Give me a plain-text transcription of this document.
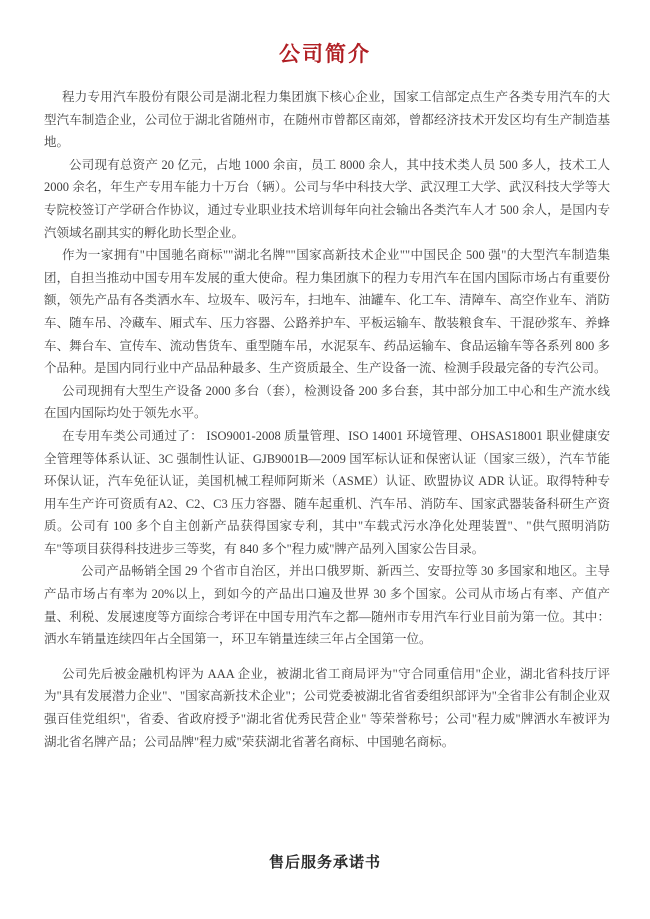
公司简介

程力专用汽车股份有限公司是湖北程力集团旗下核心企业，国家工信部定点生产各类专用汽车的大型汽车制造企业，公司位于湖北省随州市，在随州市曾都区南郊，曾都经济技术开发区均有生产制造基地。

公司现有总资产 20 亿元，占地 1000 余亩，员工 8000 余人，其中技术类人员 500 多人，技术工人 2000 余名，年生产专用车能力十万台（辆）。公司与华中科技大学、武汉理工大学、武汉科技大学等大专院校签订产学研合作协议，通过专业职业技术培训每年向社会输出各类汽车人才 500 余人，是国内专汽领域名副其实的孵化助长型企业。

作为一家拥有"中国驰名商标""湖北名牌""国家高新技术企业""中国民企 500 强"的大型汽车制造集团，自担当推动中国专用车发展的重大使命。程力集团旗下的程力专用汽车在国内国际市场占有重要份额，领先产品有各类洒水车、垃圾车、吸污车，扫地车、油罐车、化工车、清障车、高空作业车、消防车、随车吊、冷藏车、厢式车、压力容器、公路养护车、平板运输车、散装粮食车、干混砂浆车、养蜂车、舞台车、宣传车、流动售货车、重型随车吊，水泥泵车、药品运输车、食品运输车等各系列 800 多个品种。是国内同行业中产品品种最多、生产资质最全、生产设备一流、检测手段最完备的专汽公司。

公司现拥有大型生产设备 2000 多台（套），检测设备 200 多台套，其中部分加工中心和生产流水线在国内国际均处于领先水平。

在专用车类公司通过了： ISO9001-2008 质量管理、ISO 14001 环境管理、OHSAS18001 职业健康安全管理等体系认证、3C 强制性认证、GJB9001B—2009 国军标认证和保密认证（国家三级），汽车节能环保认证，汽车免征认证，美国机械工程师阿斯米（ASME）认证、欧盟协议 ADR 认证。取得特种专用车生产许可资质有A2、C2、C3 压力容器、随车起重机、汽车吊、消防车、国家武器装备科研生产资质。公司有 100 多个自主创新产品获得国家专利，其中"车载式污水净化处理装置"、"供气照明消防车"等项目获得科技进步三等奖，有 840 多个"程力威"牌产品列入国家公告目录。

公司产品畅销全国 29 个省市自治区，并出口俄罗斯、新西兰、安哥拉等 30 多国家和地区。主导产品市场占有率为 20%以上，到如今的产品出口遍及世界 30 多个国家。公司从市场占有率、产值产量、利税、发展速度等方面综合考评在中国专用汽车之都—随州市专用汽车行业目前为第一位。其中：洒水车销量连续四年占全国第一，环卫车销量连续三年占全国第一位。

公司先后被金融机构评为 AAA 企业，被湖北省工商局评为"守合同重信用"企业，湖北省科技厅评为"具有发展潜力企业"、"国家高新技术企业"；公司党委被湖北省省委组织部评为"全省非公有制企业双强百佳党组织"，省委、省政府授予"湖北省优秀民营企业" 等荣誉称号；公司"程力威"牌洒水车被评为湖北省名牌产品；公司品牌"程力威"荣获湖北省著名商标、中国驰名商标。

售后服务承诺书
